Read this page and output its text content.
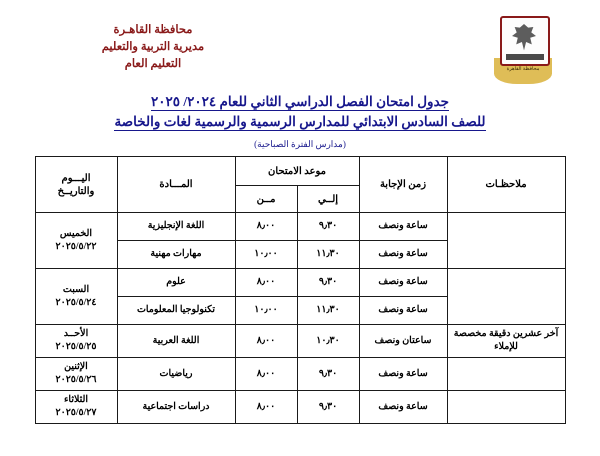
محافظة القاهرة
محافظة القاهـرة
مديرية التربية والتعليم
التعليم العام
جدول امتحان الفصل الدراسي الثاني للعام ٢٠٢٤/ ٢٠٢٥
للصف السادس الابتدائي للمدارس الرسمية والرسمية لغات والخاصة
(مدارس الفترة الصباحية)
ملاحظـات	زمن الإجابة	موعد الامتحان		المـــادة	اليـــوم
والتاريــخ

		إلــي	مــن		
	ساعة ونصف	٩٫٣٠	٨٫٠٠	اللغة الإنجليزية	الخميس
٢٠٢٥/٥/٢٢

	ساعة ونصف	١١٫٣٠	١٠٫٠٠	مهارات مهنية	
	ساعة ونصف	٩٫٣٠	٨٫٠٠	علوم	السبت
٢٠٢٥/٥/٢٤

	ساعة ونصف	١١٫٣٠	١٠٫٠٠	تكنولوجيا المعلومات	
آخر عشرين دقيقة مخصصة للإملاء	ساعتان ونصف	١٠٫٣٠	٨٫٠٠	اللغة العربية	الأحــد
٢٠٢٥/٥/٢٥

	ساعة ونصف	٩٫٣٠	٨٫٠٠	رياضيات	الإثنين
٢٠٢٥/٥/٢٦

	ساعة ونصف	٩٫٣٠	٨٫٠٠	دراسات اجتماعية	الثلاثاء
٢٠٢٥/٥/٢٧
